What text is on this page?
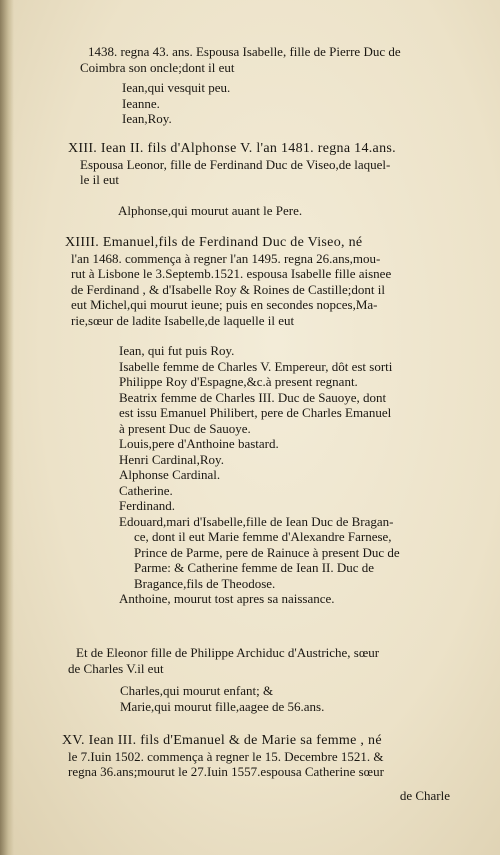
1438. regna 43. ans. Espousa Isabelle, fille de Pierre Duc de
Coimbra son oncle;dont il eut
Iean,qui vesquit peu.
Ieanne.
Iean,Roy.
XIII. Iean II. fils d'Alphonse V. l'an 1481. regna 14.ans.
Espousa Leonor, fille de Ferdinand Duc de Viseo,de laquel-
le il eut
Alphonse,qui mourut auant le Pere.
XIIII. Emanuel,fils de Ferdinand Duc de Viseo, né
l'an 1468. commença à regner l'an 1495. regna 26.ans,mou-
rut à Lisbone le 3.Septemb.1521. espousa Isabelle fille aisnee
de Ferdinand , & d'Isabelle Roy & Roines de Castille;dont il
eut Michel,qui mourut ieune; puis en secondes nopces,Ma-
rie,sœur de ladite Isabelle,de laquelle il eut
Iean, qui fut puis Roy.
Isabelle femme de Charles V. Empereur, dôt est sorti
Philippe Roy d'Espagne,&c.à present regnant.
Beatrix femme de Charles III. Duc de Sauoye, dont
est issu Emanuel Philibert, pere de Charles Emanuel
à present Duc de Sauoye.
Louis,pere d'Anthoine bastard.
Henri Cardinal,Roy.
Alphonse Cardinal.
Catherine.
Ferdinand.
Edouard,mari d'Isabelle,fille de Iean Duc de Bragan-
ce, dont il eut Marie femme d'Alexandre Farnese,
Prince de Parme, pere de Rainuce à present Duc de
Parme: & Catherine femme de Iean II. Duc de
Bragance,fils de Theodose.
Anthoine, mourut tost apres sa naissance.
Et de Eleonor fille de Philippe Archiduc d'Austriche, sœur
de Charles V.il eut
Charles,qui mourut enfant; &
Marie,qui mourut fille,aagee de 56.ans.
XV. Iean III. fils d'Emanuel & de Marie sa femme , né
le 7.Iuin 1502. commença à regner le 15. Decembre 1521. &
regna 36.ans;mourut le 27.Iuin 1557.espousa Catherine sœur
de Charle
